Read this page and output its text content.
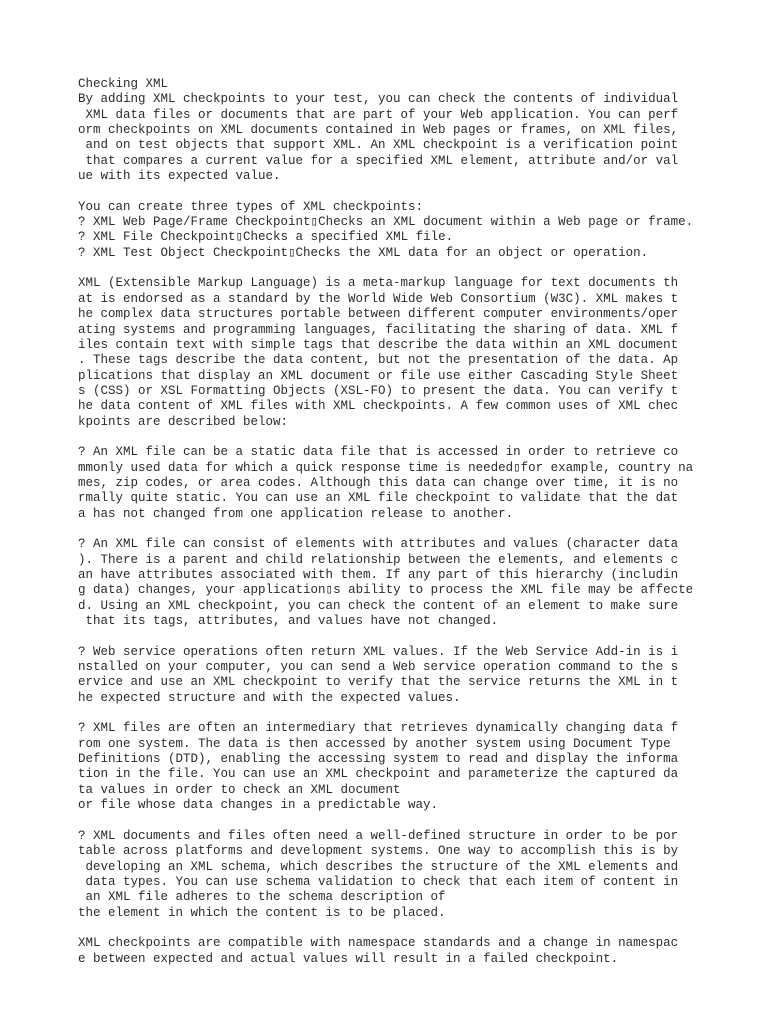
Checking XML
By adding XML checkpoints to your test, you can check the contents of individual
XML data files or documents that are part of your Web application. You can perf
orm checkpoints on XML documents contained in Web pages or frames, on XML files,
and on test objects that support XML. An XML checkpoint is a verification point
that compares a current value for a specified XML element, attribute and/or val
ue with its expected value.
You can create three types of XML checkpoints:
? XML Web Page/Frame Checkpoint▯Checks an XML document within a Web page or frame.
? XML File Checkpoint▯Checks a specified XML file.
? XML Test Object Checkpoint▯Checks the XML data for an object or operation.
XML (Extensible Markup Language) is a meta-markup language for text documents th
at is endorsed as a standard by the World Wide Web Consortium (W3C). XML makes t
he complex data structures portable between different computer environments/oper
ating systems and programming languages, facilitating the sharing of data. XML f
iles contain text with simple tags that describe the data within an XML document
. These tags describe the data content, but not the presentation of the data. Ap
plications that display an XML document or file use either Cascading Style Sheet
s (CSS) or XSL Formatting Objects (XSL-FO) to present the data. You can verify t
he data content of XML files with XML checkpoints. A few common uses of XML chec
kpoints are described below:
? An XML file can be a static data file that is accessed in order to retrieve co
mmonly used data for which a quick response time is needed▯for example, country na
mes, zip codes, or area codes. Although this data can change over time, it is no
rmally quite static. You can use an XML file checkpoint to validate that the dat
a has not changed from one application release to another.
? An XML file can consist of elements with attributes and values (character data
). There is a parent and child relationship between the elements, and elements c
an have attributes associated with them. If any part of this hierarchy (includin
g data) changes, your application▯s ability to process the XML file may be affecte
d. Using an XML checkpoint, you can check the content of an element to make sure
that its tags, attributes, and values have not changed.
? Web service operations often return XML values. If the Web Service Add-in is i
nstalled on your computer, you can send a Web service operation command to the s
ervice and use an XML checkpoint to verify that the service returns the XML in t
he expected structure and with the expected values.
? XML files are often an intermediary that retrieves dynamically changing data f
rom one system. The data is then accessed by another system using Document Type
Definitions (DTD), enabling the accessing system to read and display the informa
tion in the file. You can use an XML checkpoint and parameterize the captured da
ta values in order to check an XML document
or file whose data changes in a predictable way.
? XML documents and files often need a well-defined structure in order to be por
table across platforms and development systems. One way to accomplish this is by
developing an XML schema, which describes the structure of the XML elements and
data types. You can use schema validation to check that each item of content in
an XML file adheres to the schema description of
the element in which the content is to be placed.
XML checkpoints are compatible with namespace standards and a change in namespac
e between expected and actual values will result in a failed checkpoint.
